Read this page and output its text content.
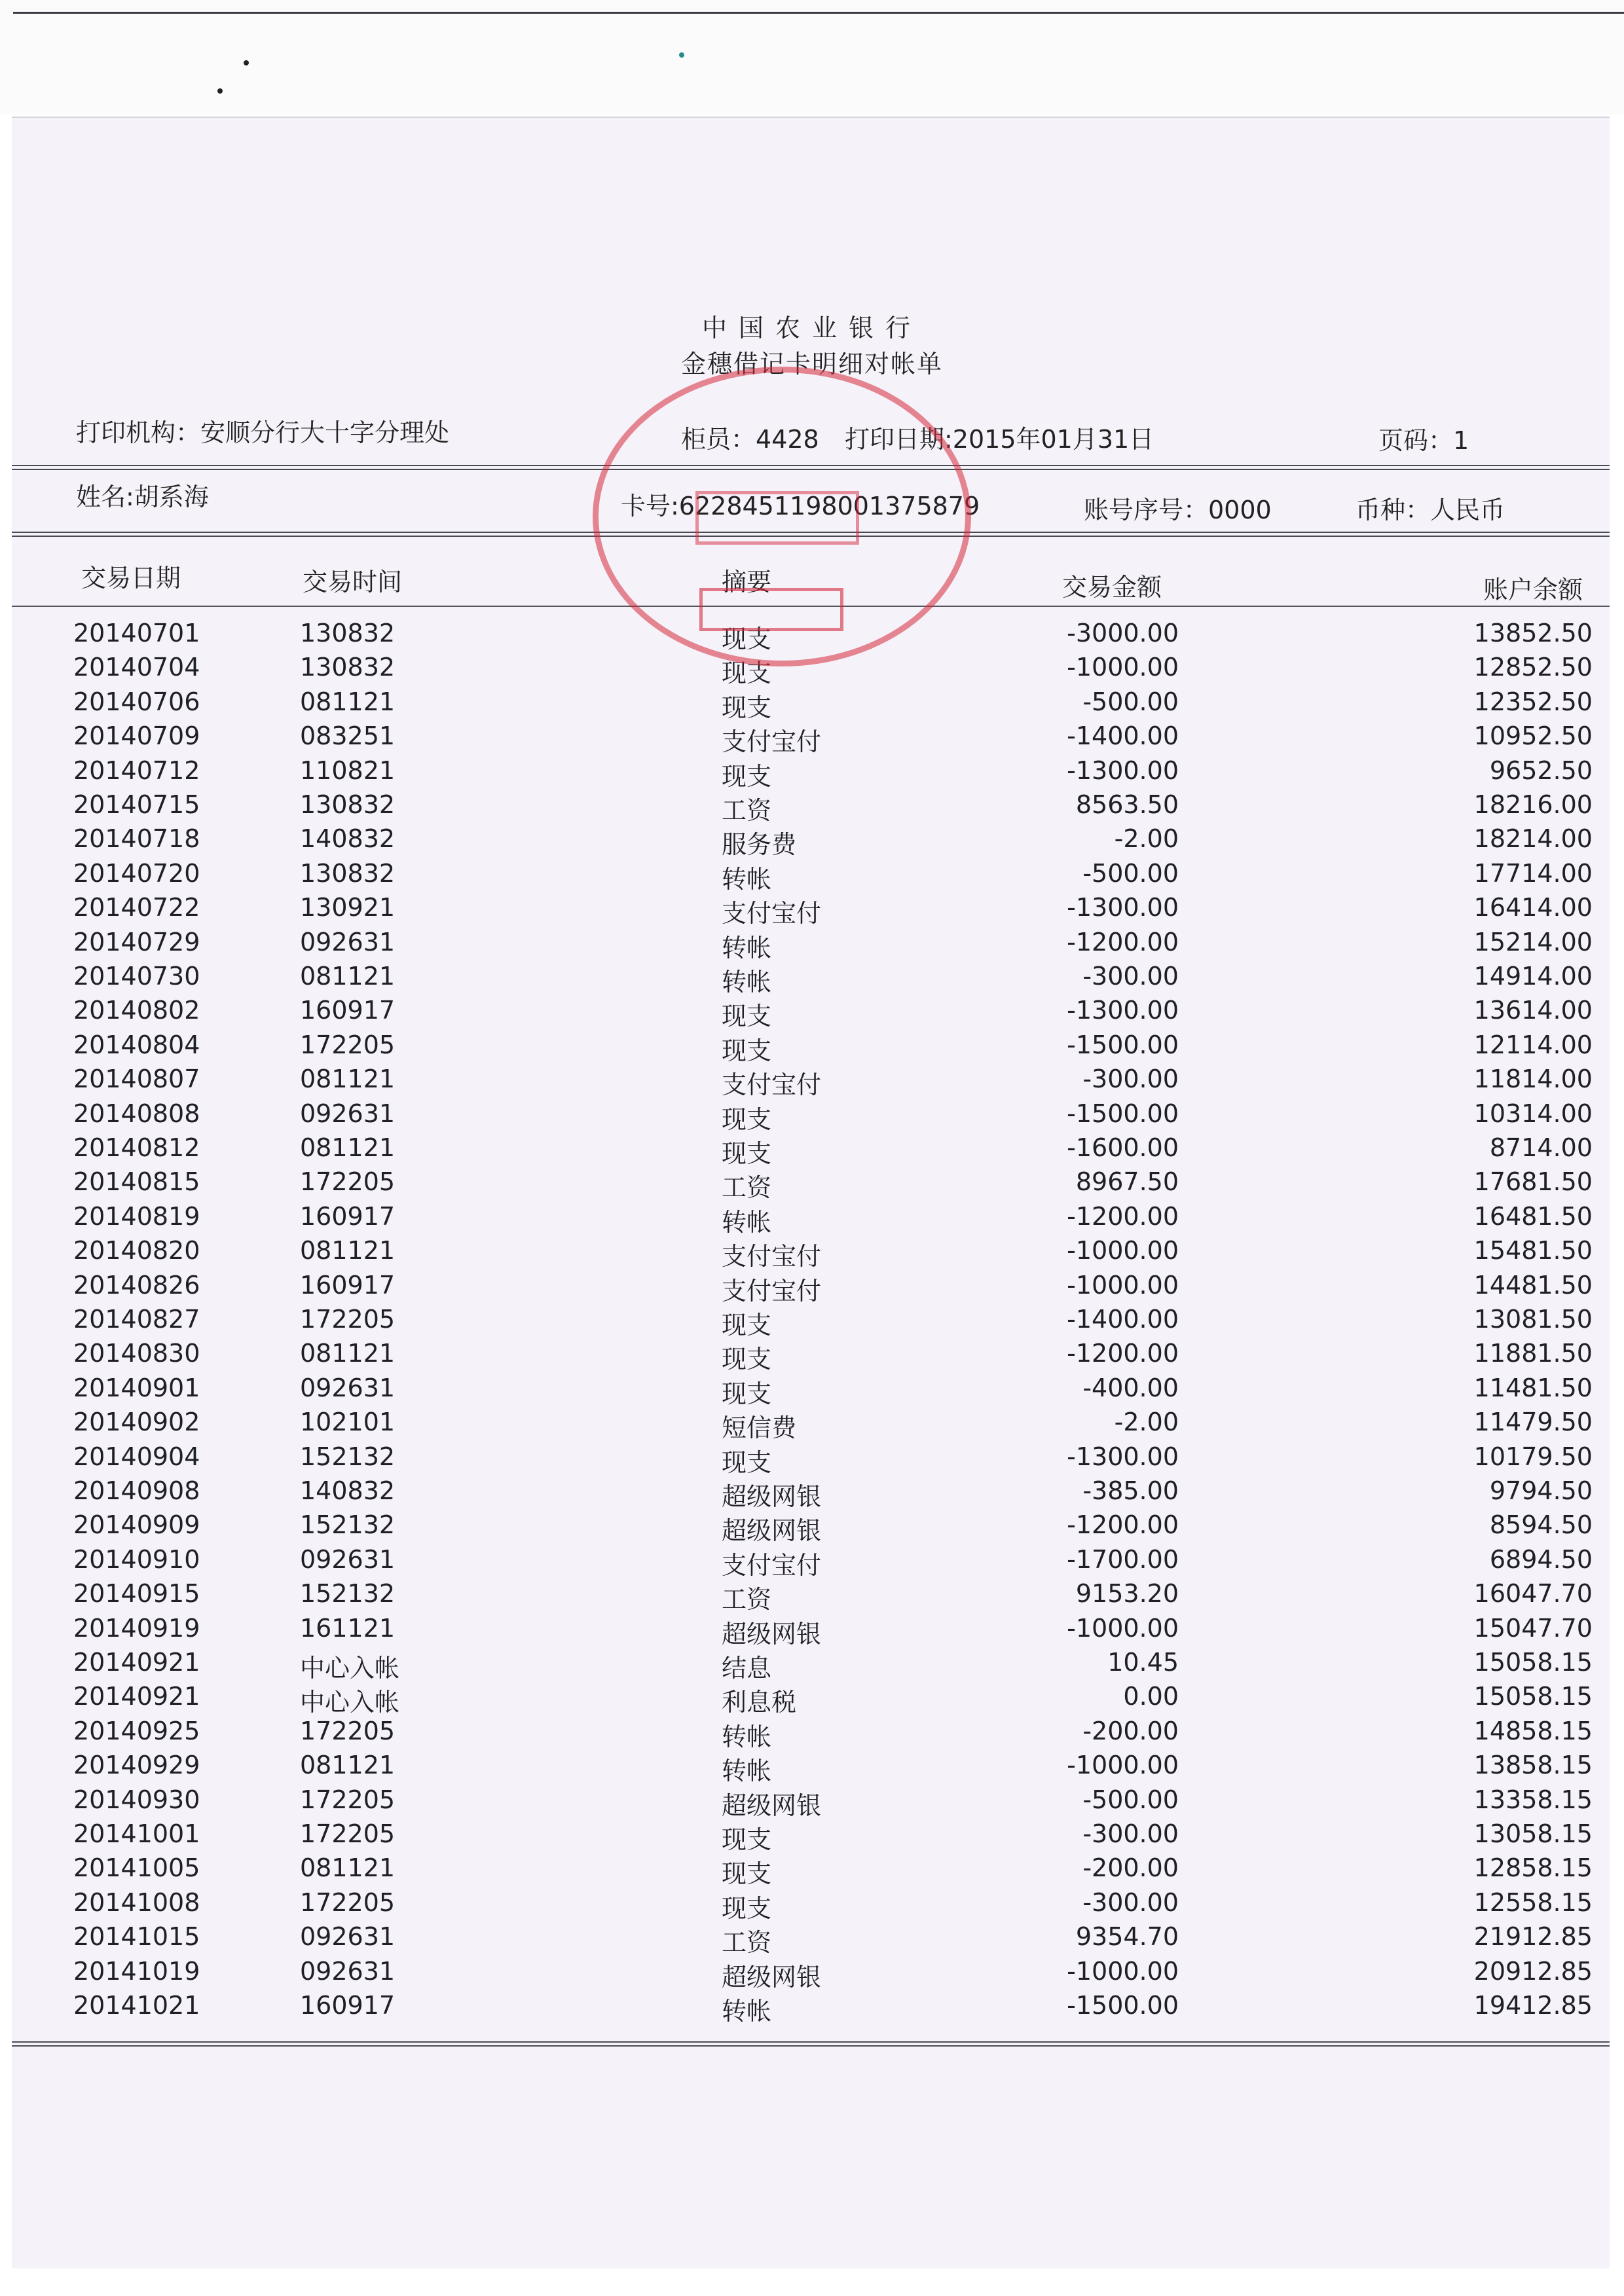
中国农业银行
金穗借记卡明细对帐单
打印机构：安顺分行大十字分理处	柜员：4428 打印日期:2015年01月31日	页码：1
姓名:胡系海	卡号:6228451198001375879	账号序号：0000	币种：人民币
交易日期	交易时间	摘要	交易金额	账户余额
20140701	130832	现支	-3000.00	13852.50
20140704	130832	现支	-1000.00	12852.50
20140706	081121	现支	-500.00	12352.50
20140709	083251	支付宝付	-1400.00	10952.50
20140712	110821	现支	-1300.00	9652.50
20140715	130832	工资	8563.50	18216.00
20140718	140832	服务费	-2.00	18214.00
20140720	130832	转帐	-500.00	17714.00
20140722	130921	支付宝付	-1300.00	16414.00
20140729	092631	转帐	-1200.00	15214.00
20140730	081121	转帐	-300.00	14914.00
20140802	160917	现支	-1300.00	13614.00
20140804	172205	现支	-1500.00	12114.00
20140807	081121	支付宝付	-300.00	11814.00
20140808	092631	现支	-1500.00	10314.00
20140812	081121	现支	-1600.00	8714.00
20140815	172205	工资	8967.50	17681.50
20140819	160917	转帐	-1200.00	16481.50
20140820	081121	支付宝付	-1000.00	15481.50
20140826	160917	支付宝付	-1000.00	14481.50
20140827	172205	现支	-1400.00	13081.50
20140830	081121	现支	-1200.00	11881.50
20140901	092631	现支	-400.00	11481.50
20140902	102101	短信费	-2.00	11479.50
20140904	152132	现支	-1300.00	10179.50
20140908	140832	超级网银	-385.00	9794.50
20140909	152132	超级网银	-1200.00	8594.50
20140910	092631	支付宝付	-1700.00	6894.50
20140915	152132	工资	9153.20	16047.70
20140919	161121	超级网银	-1000.00	15047.70
20140921	中心入帐	结息	10.45	15058.15
20140921	中心入帐	利息税	0.00	15058.15
20140925	172205	转帐	-200.00	14858.15
20140929	081121	转帐	-1000.00	13858.15
20140930	172205	超级网银	-500.00	13358.15
20141001	172205	现支	-300.00	13058.15
20141005	081121	现支	-200.00	12858.15
20141008	172205	现支	-300.00	12558.15
20141015	092631	工资	9354.70	21912.85
20141019	092631	超级网银	-1000.00	20912.85
20141021	160917	转帐	-1500.00	19412.85
